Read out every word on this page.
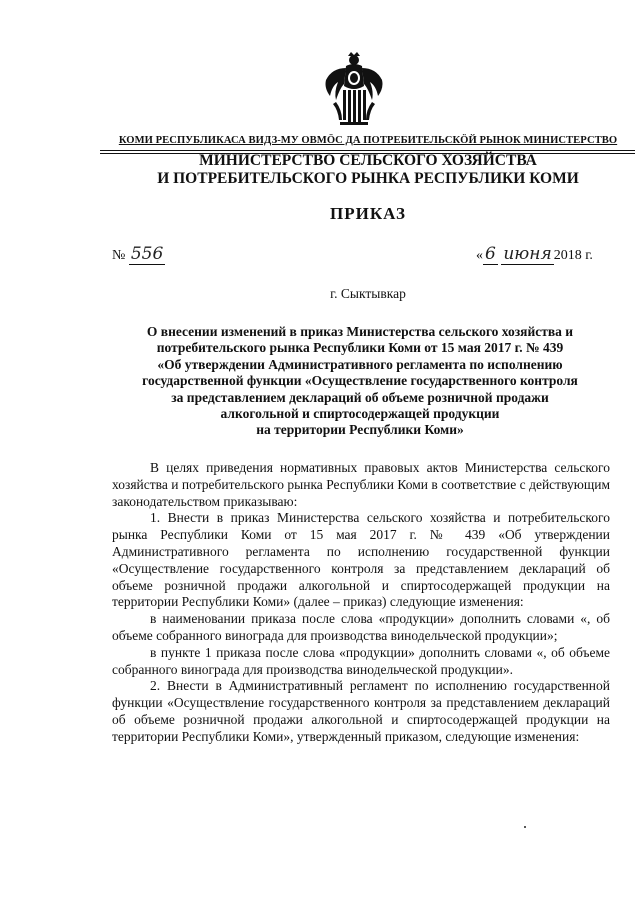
КОМИ РЕСПУБЛИКАСА ВИДЗ-МУ ОВМÖС ДА ПОТРЕБИТЕЛЬСКÖЙ РЫНОК МИНИСТЕРСТВО
МИНИСТЕРСТВО СЕЛЬСКОГО ХОЗЯЙСТВА
И ПОТРЕБИТЕЛЬСКОГО РЫНКА РЕСПУБЛИКИ КОМИ
ПРИКАЗ
№ 556	« 6 июня 2018 г.
г. Сыктывкар
О внесении изменений в приказ Министерства сельского хозяйства и
потребительского рынка Республики Коми от 15 мая 2017 г. № 439
«Об утверждении Административного регламента по исполнению
государственной функции «Осуществление государственного контроля
за представлением деклараций об объеме розничной продажи
алкогольной и спиртосодержащей продукции
на территории Республики Коми»

В целях приведения нормативных правовых актов Министерства сельского хозяйства и потребительского рынка Республики Коми в соответствие с действующим законодательством приказываю:

1. Внести в приказ Министерства сельского хозяйства и потребительского рынка Республики Коми от 15 мая 2017 г. № 439 «Об утверждении Административного регламента по исполнению государственной функции «Осуществление государственного контроля за представлением деклараций об объеме розничной продажи алкогольной и спиртосодержащей продукции на территории Республики Коми» (далее – приказ) следующие изменения:

в наименовании приказа после слова «продукции» дополнить словами «, об объеме собранного винограда для производства винодельческой продукции»;

в пункте 1 приказа после слова «продукции» дополнить словами «, об объеме собранного винограда для производства винодельческой продукции».

2. Внести в Административный регламент по исполнению государственной функции «Осуществление государственного контроля за представлением деклараций об объеме розничной продажи алкогольной и спиртосодержащей продукции на территории Республики Коми», утвержденный приказом, следующие изменения:
